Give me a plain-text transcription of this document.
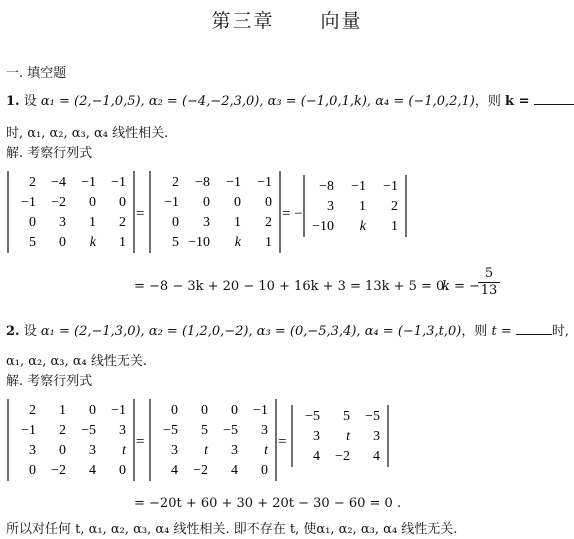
第三章 向量
一. 填空题
1. 设 α₁ = (2,−1,0,5), α₂ = (−4,−2,3,0), α₃ = (−1,0,1,k), α₄ = (−1,0,2,1)，则 k =
时, α₁, α₂, α₃, α₄ 线性相关.
解. 考察行列式
2 −4 −1 −1
−1 −2 0 0
0 3 1 2
5 0 k 1
=
2 −8 −1 −1
−1 0 0 0
0 3 1 2
5 −10 k 1
= −
−8 −1 −1
3 1 2
−10 k 1
= −8 − 3k + 20 − 10 + 16k + 3 = 13k + 5 = 0.
k = −
$\frac{5}{13}$
2. 设 α₁ = (2,−1,3,0), α₂ = (1,2,0,−2), α₃ = (0,−5,3,4), α₄ = (−1,3,t,0)，则 t =	时,
α₁, α₂, α₃, α₄ 线性无关.
解. 考察行列式
2 1 0 −1
−1 2 −5 3
3 0 3 t
0 −2 4 0
=
0 0 0 −1
−5 5 −5 3
3 t 3 t
4 −2 4 0
=
−5 5 −5
3 t 3
4 −2 4
= −20t + 60 + 30 + 20t − 30 − 60 = 0 .
所以对任何 t, α₁, α₂, α₃, α₄ 线性相关. 即不存在 t, 使α₁, α₂, α₃, α₄ 线性无关.
